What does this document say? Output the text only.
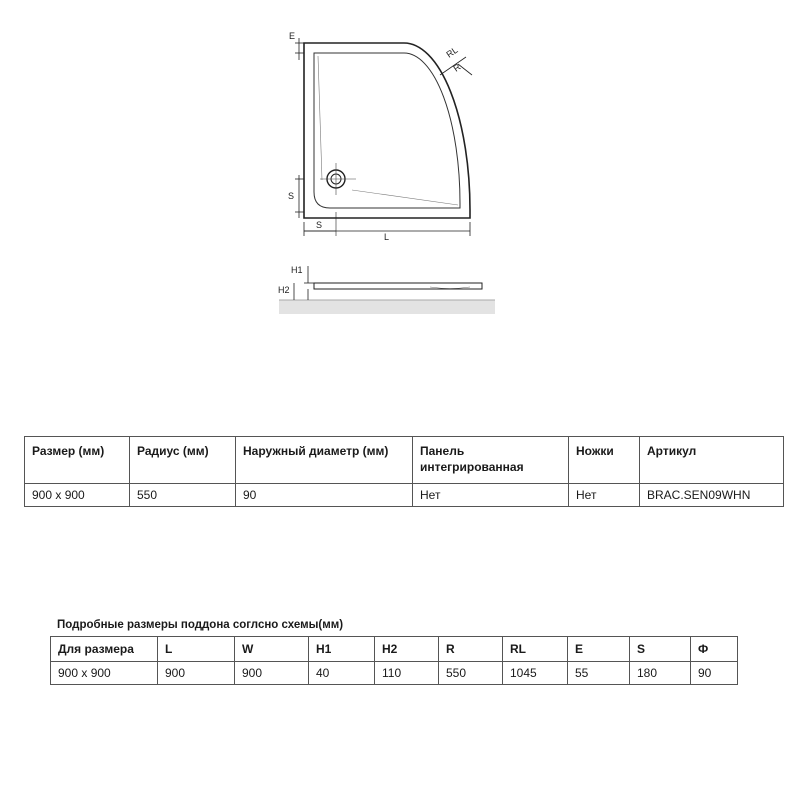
E
RL
R
S
S
L
H1
H2
Размер (мм)	Радиус (мм)	Наружный диаметр (мм)	Панель интегрированная	Ножки	Артикул
900 x 900	550	90	Нет	Нет	BRAC.SEN09WHN
Подробные размеры поддона соглсно схемы(мм)
Для размера	L	W	H1	H2	R	RL	E	S	Ф
900 x 900	900	900	40	110	550	1045	55	180	90
